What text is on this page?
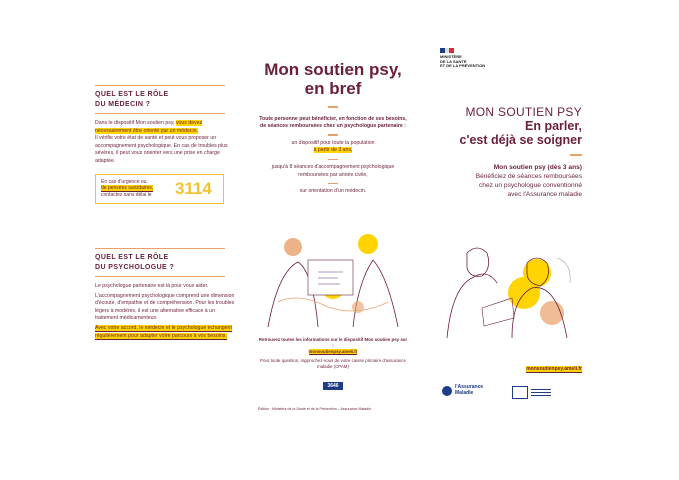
QUEL EST LE RÔLE
DU MÉDECIN ?
Dans le dispositif Mon soutien psy, vous devez nécessairement être orienté par un médecin.
Il vérifie votre état de santé et peut vous proposer un accompagnement psychologique. En cas de troubles plus sévères, il peut vous orienter vers une prise en charge adaptée.
En cas d'urgence ou
de pensées suicidaires,
contactez sans délai le	3114
QUEL EST LE RÔLE
DU PSYCHOLOGUE ?
Le psychologue partenaire est là pour vous aider.
L'accompagnement psychologique comprend une dimension d'écoute, d'empathie et de compréhension. Pour les troubles légers à modérés, il est une alternative efficace à un traitement médicamenteux.
Avec votre accord, le médecin et le psychologue échangent régulièrement pour adapter votre parcours à vos besoins.
Mon soutien psy,
en bref
Toute personne peut bénéficier, en fonction de ses besoins, de séances remboursées chez un psychologue partenaire :
un dispositif pour toute la population
à partir de 3 ans,
jusqu'à 8 séances d'accompagnement psychologique remboursées par année civile,
sur orientation d'un médecin.
Retrouvez toutes les informations sur le dispositif Mon soutien psy sur :
monsoutienpsy.ameli.fr
Pour toute question, rapprochez-vous de votre caisse primaire d'assurance maladie (CPAM)
3646
Édition : Ministère de la Santé et de la Prévention – Assurance Maladie
MINISTÈRE
DE LA SANTÉ
ET DE LA PRÉVENTION
MON SOUTIEN PSY
En parler,
c'est déjà se soigner
Mon soutien psy (dès 3 ans)
Bénéficiez de séances remboursées
chez un psychologue conventionné
avec l'Assurance maladie
monsoutienpsy.ameli.fr
l'Assurance
Maladie
